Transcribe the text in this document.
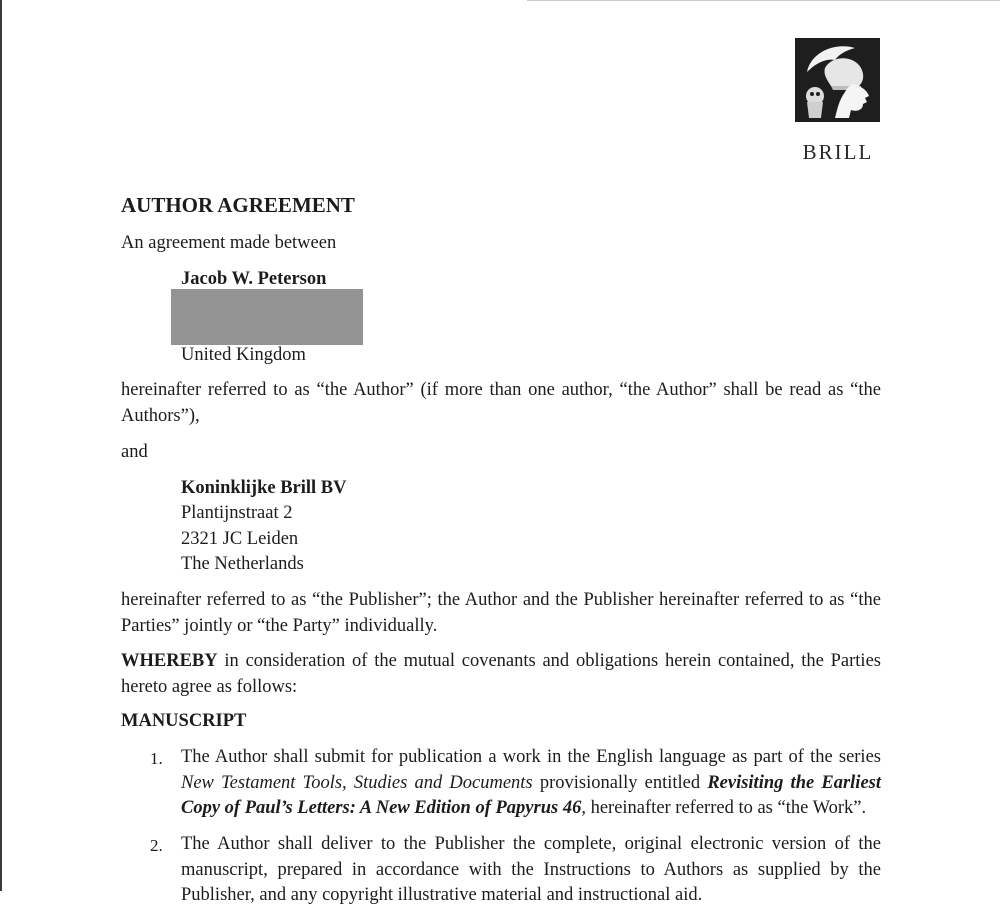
BRILL
AUTHOR AGREEMENT
An agreement made between
Jacob W. Peterson
United Kingdom
hereinafter referred to as “the Author” (if more than one author, “the Author” shall be read as “the Authors”),
and
Koninklijke Brill BV
Plantijnstraat 2
2321 JC Leiden
The Netherlands
hereinafter referred to as “the Publisher”; the Author and the Publisher hereinafter referred to as “the Parties” jointly or “the Party” individually.
WHEREBY in consideration of the mutual covenants and obligations herein contained, the Parties hereto agree as follows:
MANUSCRIPT
1. The Author shall submit for publication a work in the English language as part of the series New Testament Tools, Studies and Documents provisionally entitled Revisiting the Earliest Copy of Paul’s Letters: A New Edition of Papyrus 46, hereinafter referred to as “the Work”.
2. The Author shall deliver to the Publisher the complete, original electronic version of the manuscript, prepared in accordance with the Instructions to Authors as supplied by the Publisher, and any copyright illustrative material and instructional aid.
